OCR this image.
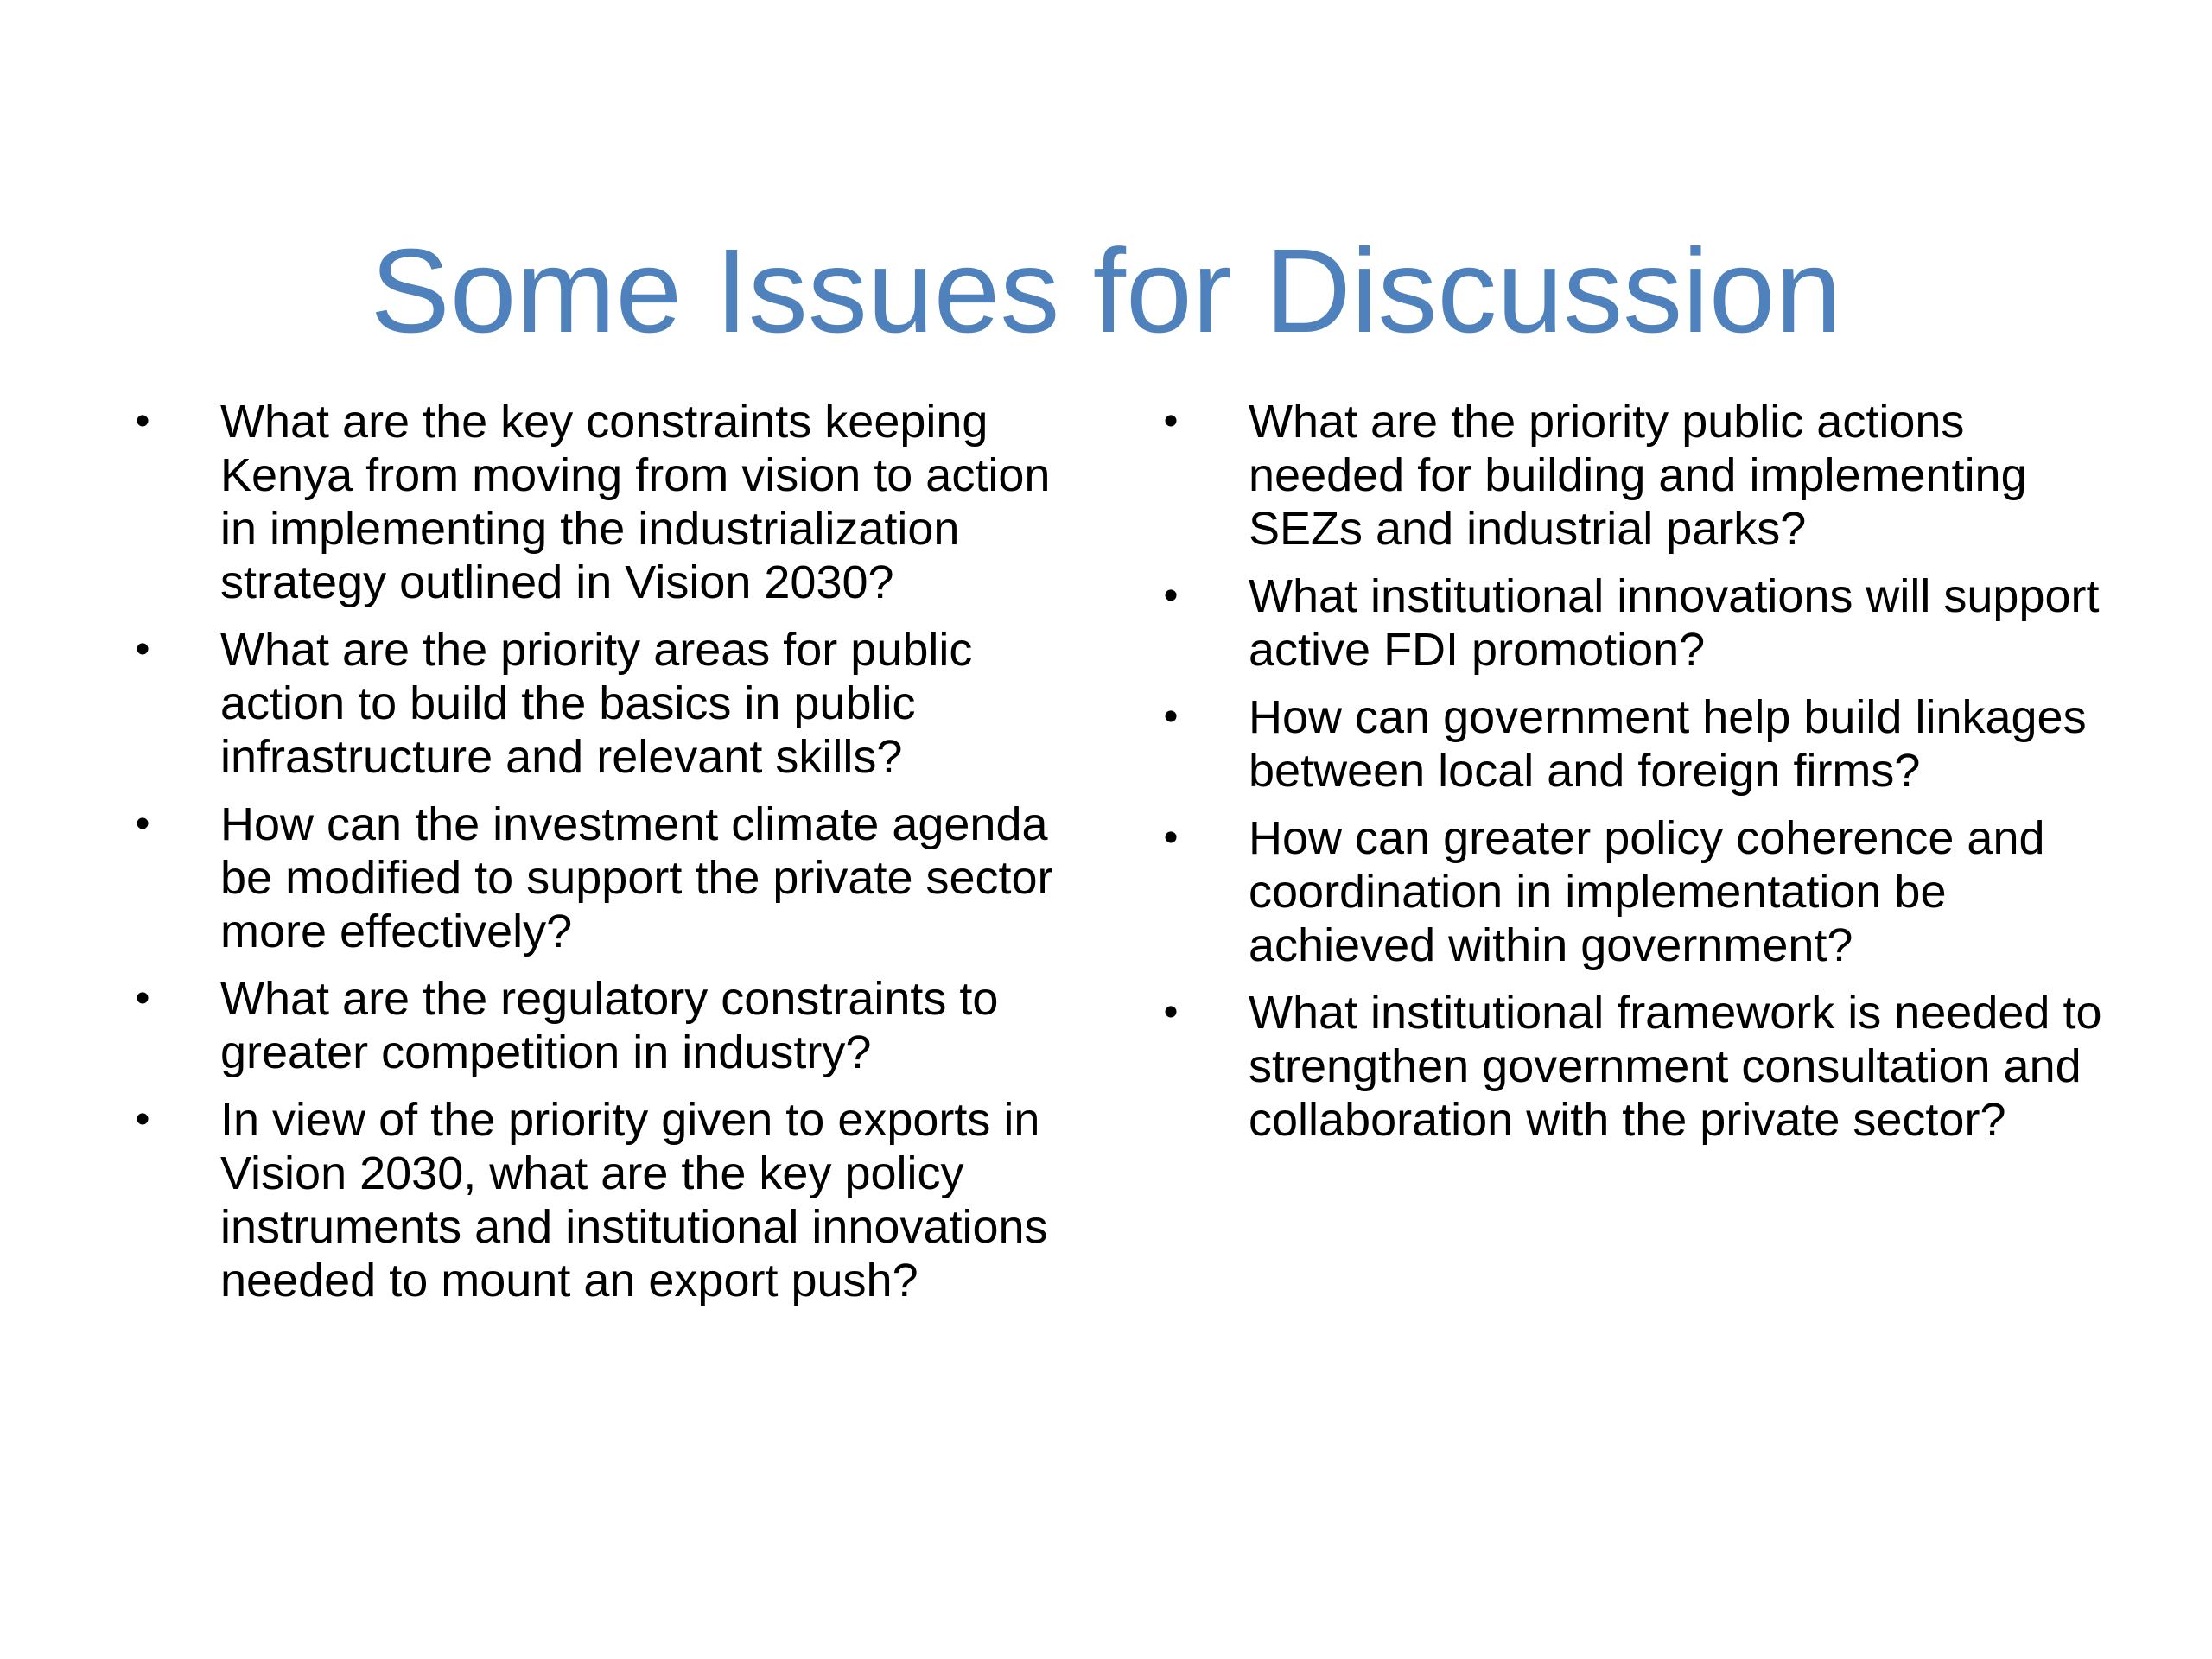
Some Issues for Discussion
• What are the key constraints keeping Kenya from moving from vision to action in implementing the industrialization strategy outlined in Vision 2030?
• What are the priority areas for public action to build the basics in public infrastructure and relevant skills?
• How can the investment climate agenda be modified to support the private sector more effectively?
• What are the regulatory constraints to greater competition in industry?
• In view of the priority given to exports in Vision 2030, what are the key policy instruments and institutional innovations needed to mount an export push?
• What are the priority public actions needed for building and implementing SEZs and industrial parks?
• What institutional innovations will support active FDI promotion?
• How can government help build linkages between local and foreign firms?
• How can greater policy coherence and coordination in implementation be achieved within government?
• What institutional framework is needed to strengthen government consultation and collaboration with the private sector?
